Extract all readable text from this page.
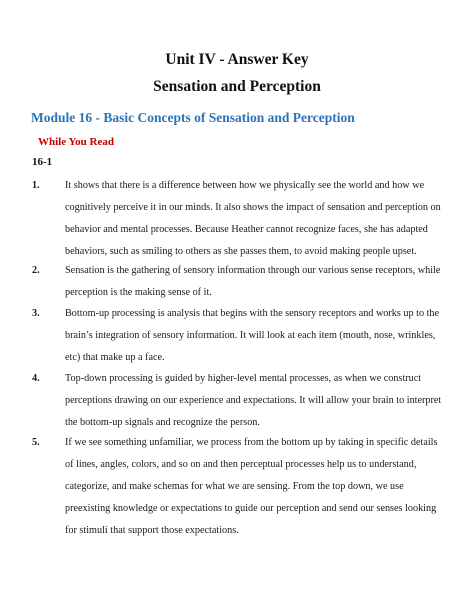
Unit IV - Answer Key
Sensation and Perception
Module 16 - Basic Concepts of Sensation and Perception
While You Read
16-1
1. It shows that there is a difference between how we physically see the world and how we
cognitively perceive it in our minds. It also shows the impact of sensation and perception on
behavior and mental processes. Because Heather cannot recognize faces, she has adapted
behaviors, such as smiling to others as she passes them, to avoid making people upset.
2. Sensation is the gathering of sensory information through our various sense receptors, while
perception is the making sense of it.
3. Bottom-up processing is analysis that begins with the sensory receptors and works up to the
brain’s integration of sensory information. It will look at each item (mouth, nose, wrinkles,
etc) that make up a face.
4. Top-down processing is guided by higher-level mental processes, as when we construct
perceptions drawing on our experience and expectations. It will allow your brain to interpret
the bottom-up signals and recognize the person.
5. If we see something unfamiliar, we process from the bottom up by taking in specific details
of lines, angles, colors, and so on and then perceptual processes help us to understand,
categorize, and make schemas for what we are sensing. From the top down, we use
preexisting knowledge or expectations to guide our perception and send our senses looking
for stimuli that support those expectations.
